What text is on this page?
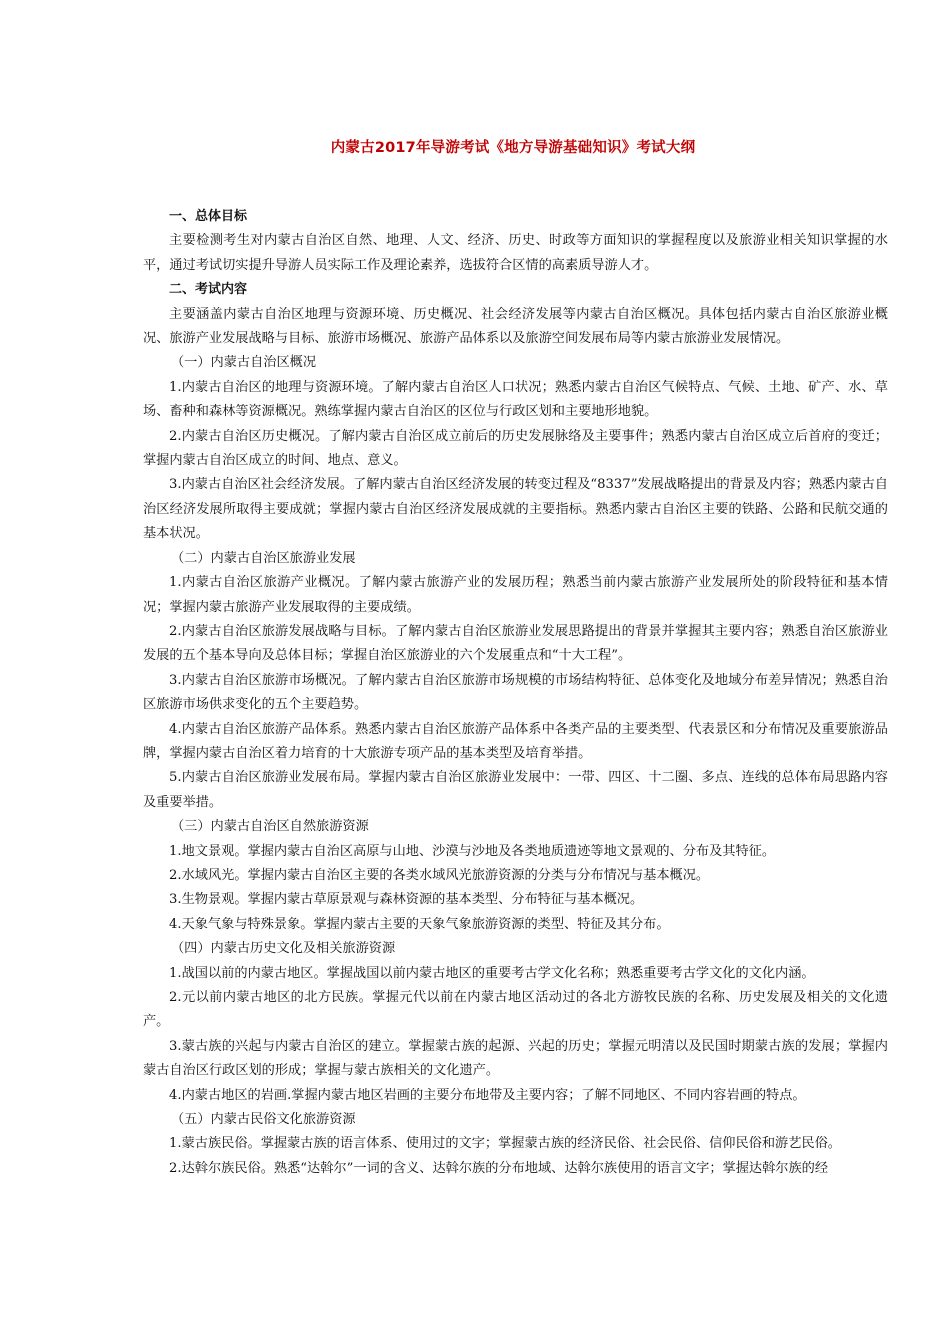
内蒙古2017年导游考试《地方导游基础知识》考试大纲

一、总体目标

主要检测考生对内蒙古自治区自然、地理、人文、经济、历史、时政等方面知识的掌握程度以及旅游业相关知识掌握的水平，通过考试切实提升导游人员实际工作及理论素养，选拔符合区情的高素质导游人才。

二、考试内容

主要涵盖内蒙古自治区地理与资源环境、历史概况、社会经济发展等内蒙古自治区概况。具体包括内蒙古自治区旅游业概况、旅游产业发展战略与目标、旅游市场概况、旅游产品体系以及旅游空间发展布局等内蒙古旅游业发展情况。

（一）内蒙古自治区概况

1.内蒙古自治区的地理与资源环境。了解内蒙古自治区人口状况；熟悉内蒙古自治区气候特点、气候、土地、矿产、水、草场、畜种和森林等资源概况。熟练掌握内蒙古自治区的区位与行政区划和主要地形地貌。

2.内蒙古自治区历史概况。了解内蒙古自治区成立前后的历史发展脉络及主要事件；熟悉内蒙古自治区成立后首府的变迁；掌握内蒙古自治区成立的时间、地点、意义。

3.内蒙古自治区社会经济发展。了解内蒙古自治区经济发展的转变过程及“8337”发展战略提出的背景及内容；熟悉内蒙古自治区经济发展所取得主要成就；掌握内蒙古自治区经济发展成就的主要指标。熟悉内蒙古自治区主要的铁路、公路和民航交通的基本状况。

（二）内蒙古自治区旅游业发展

1.内蒙古自治区旅游产业概况。了解内蒙古旅游产业的发展历程；熟悉当前内蒙古旅游产业发展所处的阶段特征和基本情况；掌握内蒙古旅游产业发展取得的主要成绩。

2.内蒙古自治区旅游发展战略与目标。了解内蒙古自治区旅游业发展思路提出的背景并掌握其主要内容；熟悉自治区旅游业发展的五个基本导向及总体目标；掌握自治区旅游业的六个发展重点和“十大工程”。

3.内蒙古自治区旅游市场概况。了解内蒙古自治区旅游市场规模的市场结构特征、总体变化及地域分布差异情况；熟悉自治区旅游市场供求变化的五个主要趋势。

4.内蒙古自治区旅游产品体系。熟悉内蒙古自治区旅游产品体系中各类产品的主要类型、代表景区和分布情况及重要旅游品牌，掌握内蒙古自治区着力培育的十大旅游专项产品的基本类型及培育举措。

5.内蒙古自治区旅游业发展布局。掌握内蒙古自治区旅游业发展中：一带、四区、十二圈、多点、连线的总体布局思路内容及重要举措。

（三）内蒙古自治区自然旅游资源

1.地文景观。掌握内蒙古自治区高原与山地、沙漠与沙地及各类地质遗迹等地文景观的、分布及其特征。

2.水域风光。掌握内蒙古自治区主要的各类水域风光旅游资源的分类与分布情况与基本概况。

3.生物景观。掌握内蒙古草原景观与森林资源的基本类型、分布特征与基本概况。

4.天象气象与特殊景象。掌握内蒙古主要的天象气象旅游资源的类型、特征及其分布。

（四）内蒙古历史文化及相关旅游资源

1.战国以前的内蒙古地区。掌握战国以前内蒙古地区的重要考古学文化名称；熟悉重要考古学文化的文化内涵。

2.元以前内蒙古地区的北方民族。掌握元代以前在内蒙古地区活动过的各北方游牧民族的名称、历史发展及相关的文化遗产。

3.蒙古族的兴起与内蒙古自治区的建立。掌握蒙古族的起源、兴起的历史；掌握元明清以及民国时期蒙古族的发展；掌握内蒙古自治区行政区划的形成；掌握与蒙古族相关的文化遗产。

4.内蒙古地区的岩画.掌握内蒙古地区岩画的主要分布地带及主要内容；了解不同地区、不同内容岩画的特点。

（五）内蒙古民俗文化旅游资源

1.蒙古族民俗。掌握蒙古族的语言体系、使用过的文字；掌握蒙古族的经济民俗、社会民俗、信仰民俗和游艺民俗。

2.达斡尔族民俗。熟悉“达斡尔”一词的含义、达斡尔族的分布地域、达斡尔族使用的语言文字；掌握达斡尔族的经
